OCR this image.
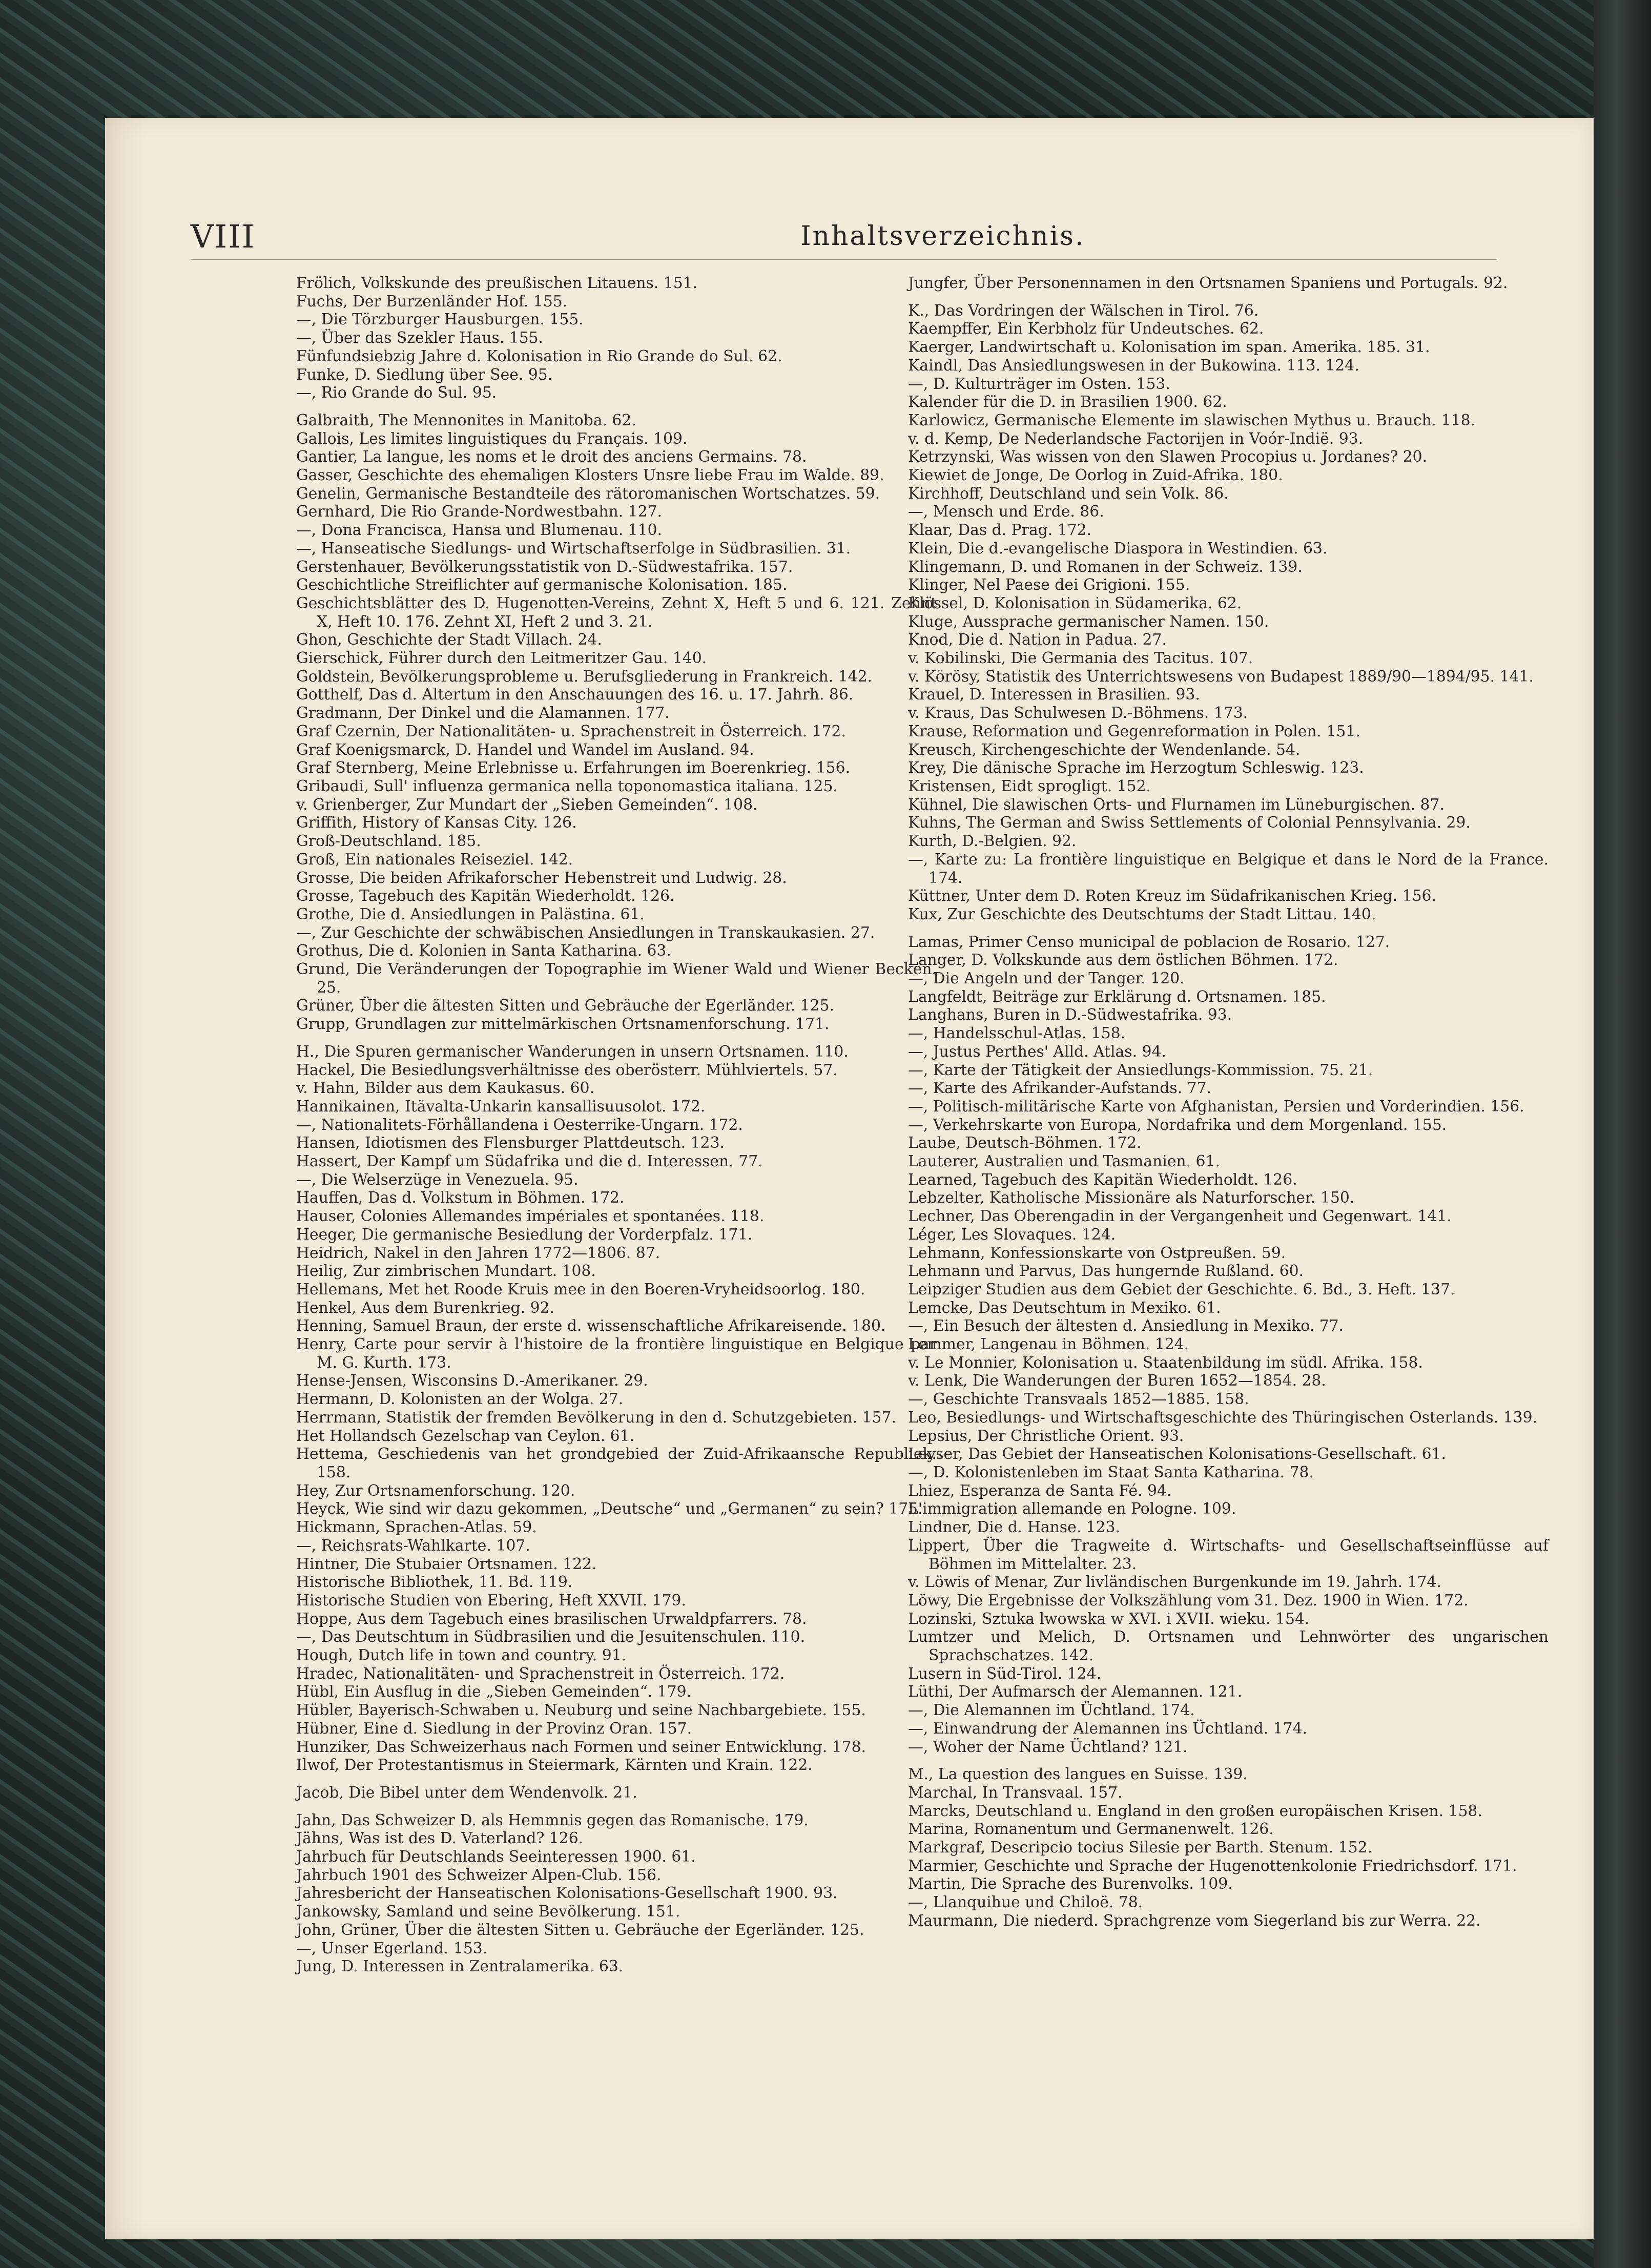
VIII	Inhaltsverzeichnis.

Frölich, Volkskunde des preußischen Litauens. 151.

Fuchs, Der Burzenländer Hof. 155.

—, Die Törzburger Hausburgen. 155.

—, Über das Szekler Haus. 155.

Fünfundsiebzig Jahre d. Kolonisation in Rio Grande do Sul. 62.

Funke, D. Siedlung über See. 95.

—, Rio Grande do Sul. 95.

Galbraith, The Mennonites in Manitoba. 62.

Gallois, Les limites linguistiques du Français. 109.

Gantier, La langue, les noms et le droit des anciens Germains. 78.

Gasser, Geschichte des ehemaligen Klosters Unsre liebe Frau im Walde. 89.

Genelin, Germanische Bestandteile des rätoromanischen Wortschatzes. 59.

Gernhard, Die Rio Grande-Nordwestbahn. 127.

—, Dona Francisca, Hansa und Blumenau. 110.

—, Hanseatische Siedlungs- und Wirtschaftserfolge in Südbrasilien. 31.

Gerstenhauer, Bevölkerungsstatistik von D.-Südwestafrika. 157.

Geschichtliche Streiflichter auf germanische Kolonisation. 185.

Geschichtsblätter des D. Hugenotten-Vereins, Zehnt X, Heft 5 und 6. 121. Zehnt X, Heft 10. 176. Zehnt XI, Heft 2 und 3. 21.

Ghon, Geschichte der Stadt Villach. 24.

Gierschick, Führer durch den Leitmeritzer Gau. 140.

Goldstein, Bevölkerungsprobleme u. Berufsgliederung in Frankreich. 142.

Gotthelf, Das d. Altertum in den Anschauungen des 16. u. 17. Jahrh. 86.

Gradmann, Der Dinkel und die Alamannen. 177.

Graf Czernin, Der Nationalitäten- u. Sprachenstreit in Österreich. 172.

Graf Koenigsmarck, D. Handel und Wandel im Ausland. 94.

Graf Sternberg, Meine Erlebnisse u. Erfahrungen im Boerenkrieg. 156.

Gribaudi, Sull' influenza germanica nella toponomastica italiana. 125.

v. Grienberger, Zur Mundart der „Sieben Gemeinden“. 108.

Griffith, History of Kansas City. 126.

Groß-Deutschland. 185.

Groß, Ein nationales Reiseziel. 142.

Grosse, Die beiden Afrikaforscher Hebenstreit und Ludwig. 28.

Grosse, Tagebuch des Kapitän Wiederholdt. 126.

Grothe, Die d. Ansiedlungen in Palästina. 61.

—, Zur Geschichte der schwäbischen Ansiedlungen in Transkaukasien. 27.

Grothus, Die d. Kolonien in Santa Katharina. 63.

Grund, Die Veränderungen der Topographie im Wiener Wald und Wiener Becken. 25.

Grüner, Über die ältesten Sitten und Gebräuche der Egerländer. 125.

Grupp, Grundlagen zur mittelmärkischen Ortsnamenforschung. 171.

H., Die Spuren germanischer Wanderungen in unsern Ortsnamen. 110.

Hackel, Die Besiedlungsverhältnisse des oberösterr. Mühlviertels. 57.

v. Hahn, Bilder aus dem Kaukasus. 60.

Hannikainen, Itävalta-Unkarin kansallisuusolot. 172.

—, Nationalitets-Förhållandena i Oesterrike-Ungarn. 172.

Hansen, Idiotismen des Flensburger Plattdeutsch. 123.

Hassert, Der Kampf um Südafrika und die d. Interessen. 77.

—, Die Welserzüge in Venezuela. 95.

Hauffen, Das d. Volkstum in Böhmen. 172.

Hauser, Colonies Allemandes impériales et spontanées. 118.

Heeger, Die germanische Besiedlung der Vorderpfalz. 171.

Heidrich, Nakel in den Jahren 1772—1806. 87.

Heilig, Zur zimbrischen Mundart. 108.

Hellemans, Met het Roode Kruis mee in den Boeren-Vryheidsoorlog. 180.

Henkel, Aus dem Burenkrieg. 92.

Henning, Samuel Braun, der erste d. wissenschaftliche Afrikareisende. 180.

Henry, Carte pour servir à l'histoire de la frontière linguistique en Belgique par M. G. Kurth. 173.

Hense-Jensen, Wisconsins D.-Amerikaner. 29.

Hermann, D. Kolonisten an der Wolga. 27.

Herrmann, Statistik der fremden Bevölkerung in den d. Schutzgebieten. 157.

Het Hollandsch Gezelschap van Ceylon. 61.

Hettema, Geschiedenis van het grondgebied der Zuid-Afrikaansche Republiek. 158.

Hey, Zur Ortsnamenforschung. 120.

Heyck, Wie sind wir dazu gekommen, „Deutsche“ und „Germanen“ zu sein? 175.

Hickmann, Sprachen-Atlas. 59.

—, Reichsrats-Wahlkarte. 107.

Hintner, Die Stubaier Ortsnamen. 122.

Historische Bibliothek, 11. Bd. 119.

Historische Studien von Ebering, Heft XXVII. 179.

Hoppe, Aus dem Tagebuch eines brasilischen Urwaldpfarrers. 78.

—, Das Deutschtum in Südbrasilien und die Jesuitenschulen. 110.

Hough, Dutch life in town and country. 91.

Hradec, Nationalitäten- und Sprachenstreit in Österreich. 172.

Hübl, Ein Ausflug in die „Sieben Gemeinden“. 179.

Hübler, Bayerisch-Schwaben u. Neuburg und seine Nachbargebiete. 155.

Hübner, Eine d. Siedlung in der Provinz Oran. 157.

Hunziker, Das Schweizerhaus nach Formen und seiner Entwicklung. 178.

Ilwof, Der Protestantismus in Steiermark, Kärnten und Krain. 122.

Jacob, Die Bibel unter dem Wendenvolk. 21.

Jahn, Das Schweizer D. als Hemmnis gegen das Romanische. 179.

Jähns, Was ist des D. Vaterland? 126.

Jahrbuch für Deutschlands Seeinteressen 1900. 61.

Jahrbuch 1901 des Schweizer Alpen-Club. 156.

Jahresbericht der Hanseatischen Kolonisations-Gesellschaft 1900. 93.

Jankowsky, Samland und seine Bevölkerung. 151.

John, Grüner, Über die ältesten Sitten u. Gebräuche der Egerländer. 125.

—, Unser Egerland. 153.

Jung, D. Interessen in Zentralamerika. 63.

Jungfer, Über Personennamen in den Ortsnamen Spaniens und Portugals. 92.

K., Das Vordringen der Wälschen in Tirol. 76.

Kaempffer, Ein Kerbholz für Undeutsches. 62.

Kaerger, Landwirtschaft u. Kolonisation im span. Amerika. 185. 31.

Kaindl, Das Ansiedlungswesen in der Bukowina. 113. 124.

—, D. Kulturträger im Osten. 153.

Kalender für die D. in Brasilien 1900. 62.

Karlowicz, Germanische Elemente im slawischen Mythus u. Brauch. 118.

v. d. Kemp, De Nederlandsche Factorijen in Voór-Indië. 93.

Ketrzynski, Was wissen von den Slawen Procopius u. Jordanes? 20.

Kiewiet de Jonge, De Oorlog in Zuid-Afrika. 180.

Kirchhoff, Deutschland und sein Volk. 86.

—, Mensch und Erde. 86.

Klaar, Das d. Prag. 172.

Klein, Die d.-evangelische Diaspora in Westindien. 63.

Klingemann, D. und Romanen in der Schweiz. 139.

Klinger, Nel Paese dei Grigioni. 155.

Klössel, D. Kolonisation in Südamerika. 62.

Kluge, Aussprache germanischer Namen. 150.

Knod, Die d. Nation in Padua. 27.

v. Kobilinski, Die Germania des Tacitus. 107.

v. Körösy, Statistik des Unterrichtswesens von Budapest 1889/90—1894/95. 141.

Krauel, D. Interessen in Brasilien. 93.

v. Kraus, Das Schulwesen D.-Böhmens. 173.

Krause, Reformation und Gegenreformation in Polen. 151.

Kreusch, Kirchengeschichte der Wendenlande. 54.

Krey, Die dänische Sprache im Herzogtum Schleswig. 123.

Kristensen, Eidt sprogligt. 152.

Kühnel, Die slawischen Orts- und Flurnamen im Lüneburgischen. 87.

Kuhns, The German and Swiss Settlements of Colonial Pennsylvania. 29.

Kurth, D.-Belgien. 92.

—, Karte zu: La frontière linguistique en Belgique et dans le Nord de la France. 174.

Küttner, Unter dem D. Roten Kreuz im Südafrikanischen Krieg. 156.

Kux, Zur Geschichte des Deutschtums der Stadt Littau. 140.

Lamas, Primer Censo municipal de poblacion de Rosario. 127.

Langer, D. Volkskunde aus dem östlichen Böhmen. 172.

—, Die Angeln und der Tanger. 120.

Langfeldt, Beiträge zur Erklärung d. Ortsnamen. 185.

Langhans, Buren in D.-Südwestafrika. 93.

—, Handelsschul-Atlas. 158.

—, Justus Perthes' Alld. Atlas. 94.

—, Karte der Tätigkeit der Ansiedlungs-Kommission. 75. 21.

—, Karte des Afrikander-Aufstands. 77.

—, Politisch-militärische Karte von Afghanistan, Persien und Vorderindien. 156.

—, Verkehrskarte von Europa, Nordafrika und dem Morgenland. 155.

Laube, Deutsch-Böhmen. 172.

Lauterer, Australien und Tasmanien. 61.

Learned, Tagebuch des Kapitän Wiederholdt. 126.

Lebzelter, Katholische Missionäre als Naturforscher. 150.

Lechner, Das Oberengadin in der Vergangenheit und Gegenwart. 141.

Léger, Les Slovaques. 124.

Lehmann, Konfessionskarte von Ostpreußen. 59.

Lehmann und Parvus, Das hungernde Rußland. 60.

Leipziger Studien aus dem Gebiet der Geschichte. 6. Bd., 3. Heft. 137.

Lemcke, Das Deutschtum in Mexiko. 61.

—, Ein Besuch der ältesten d. Ansiedlung in Mexiko. 77.

Lemmer, Langenau in Böhmen. 124.

v. Le Monnier, Kolonisation u. Staatenbildung im südl. Afrika. 158.

v. Lenk, Die Wanderungen der Buren 1652—1854. 28.

—, Geschichte Transvaals 1852—1885. 158.

Leo, Besiedlungs- und Wirtschaftsgeschichte des Thüringischen Osterlands. 139.

Lepsius, Der Christliche Orient. 93.

Leyser, Das Gebiet der Hanseatischen Kolonisations-Gesellschaft. 61.

—, D. Kolonistenleben im Staat Santa Katharina. 78.

Lhiez, Esperanza de Santa Fé. 94.

L'immigration allemande en Pologne. 109.

Lindner, Die d. Hanse. 123.

Lippert, Über die Tragweite d. Wirtschafts- und Gesellschaftseinflüsse auf Böhmen im Mittelalter. 23.

v. Löwis of Menar, Zur livländischen Burgenkunde im 19. Jahrh. 174.

Löwy, Die Ergebnisse der Volkszählung vom 31. Dez. 1900 in Wien. 172.

Lozinski, Sztuka lwowska w XVI. i XVII. wieku. 154.

Lumtzer und Melich, D. Ortsnamen und Lehnwörter des ungarischen Sprachschatzes. 142.

Lusern in Süd-Tirol. 124.

Lüthi, Der Aufmarsch der Alemannen. 121.

—, Die Alemannen im Üchtland. 174.

—, Einwandrung der Alemannen ins Üchtland. 174.

—, Woher der Name Üchtland? 121.

M., La question des langues en Suisse. 139.

Marchal, In Transvaal. 157.

Marcks, Deutschland u. England in den großen europäischen Krisen. 158.

Marina, Romanentum und Germanenwelt. 126.

Markgraf, Descripcio tocius Silesie per Barth. Stenum. 152.

Marmier, Geschichte und Sprache der Hugenottenkolonie Friedrichsdorf. 171.

Martin, Die Sprache des Burenvolks. 109.

—, Llanquihue und Chiloë. 78.

Maurmann, Die niederd. Sprachgrenze vom Siegerland bis zur Werra. 22.
